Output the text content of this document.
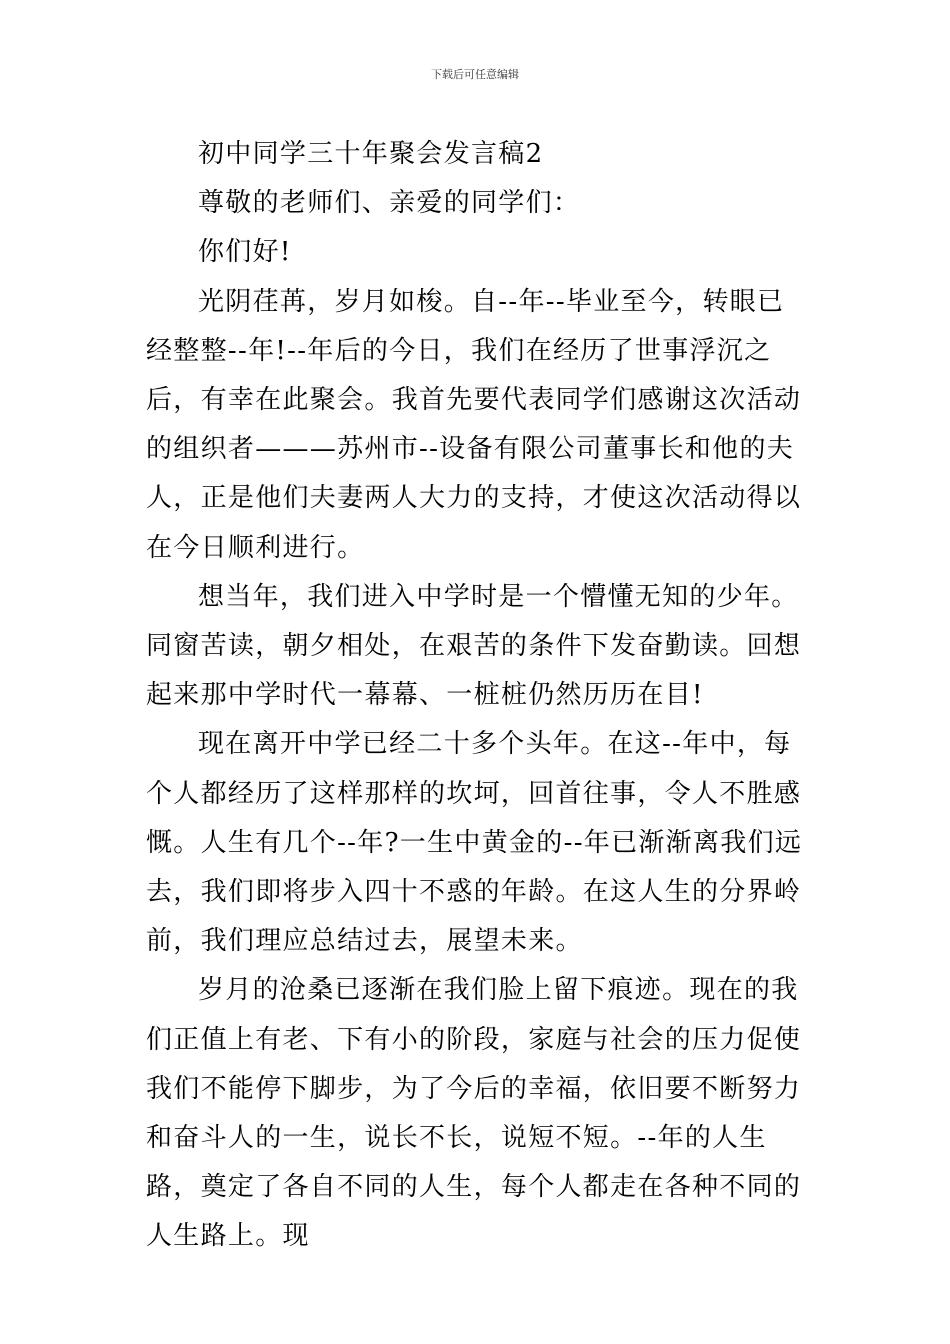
下载后可任意编辑

初中同学三十年聚会发言稿2

尊敬的老师们、亲爱的同学们：

你们好!

光阴荏苒，岁月如梭。自--年--毕业至今，转眼已经整整--年!--年后的今日，我们在经历了世事浮沉之后，有幸在此聚会。我首先要代表同学们感谢这次活动的组织者———苏州市--设备有限公司董事长和他的夫人，正是他们夫妻两人大力的支持，才使这次活动得以在今日顺利进行。

想当年，我们进入中学时是一个懵懂无知的少年。同窗苦读，朝夕相处，在艰苦的条件下发奋勤读。回想起来那中学时代一幕幕、一桩桩仍然历历在目!

现在离开中学已经二十多个头年。在这--年中，每个人都经历了这样那样的坎坷，回首往事，令人不胜感慨。人生有几个--年?一生中黄金的--年已渐渐离我们远去，我们即将步入四十不惑的年龄。在这人生的分界岭前，我们理应总结过去，展望未来。

岁月的沧桑已逐渐在我们脸上留下痕迹。现在的我们正值上有老、下有小的阶段，家庭与社会的压力促使我们不能停下脚步，为了今后的幸福，依旧要不断努力和奋斗人的一生，说长不长，说短不短。--年的人生路，奠定了各自不同的人生，每个人都走在各种不同的人生路上。现
